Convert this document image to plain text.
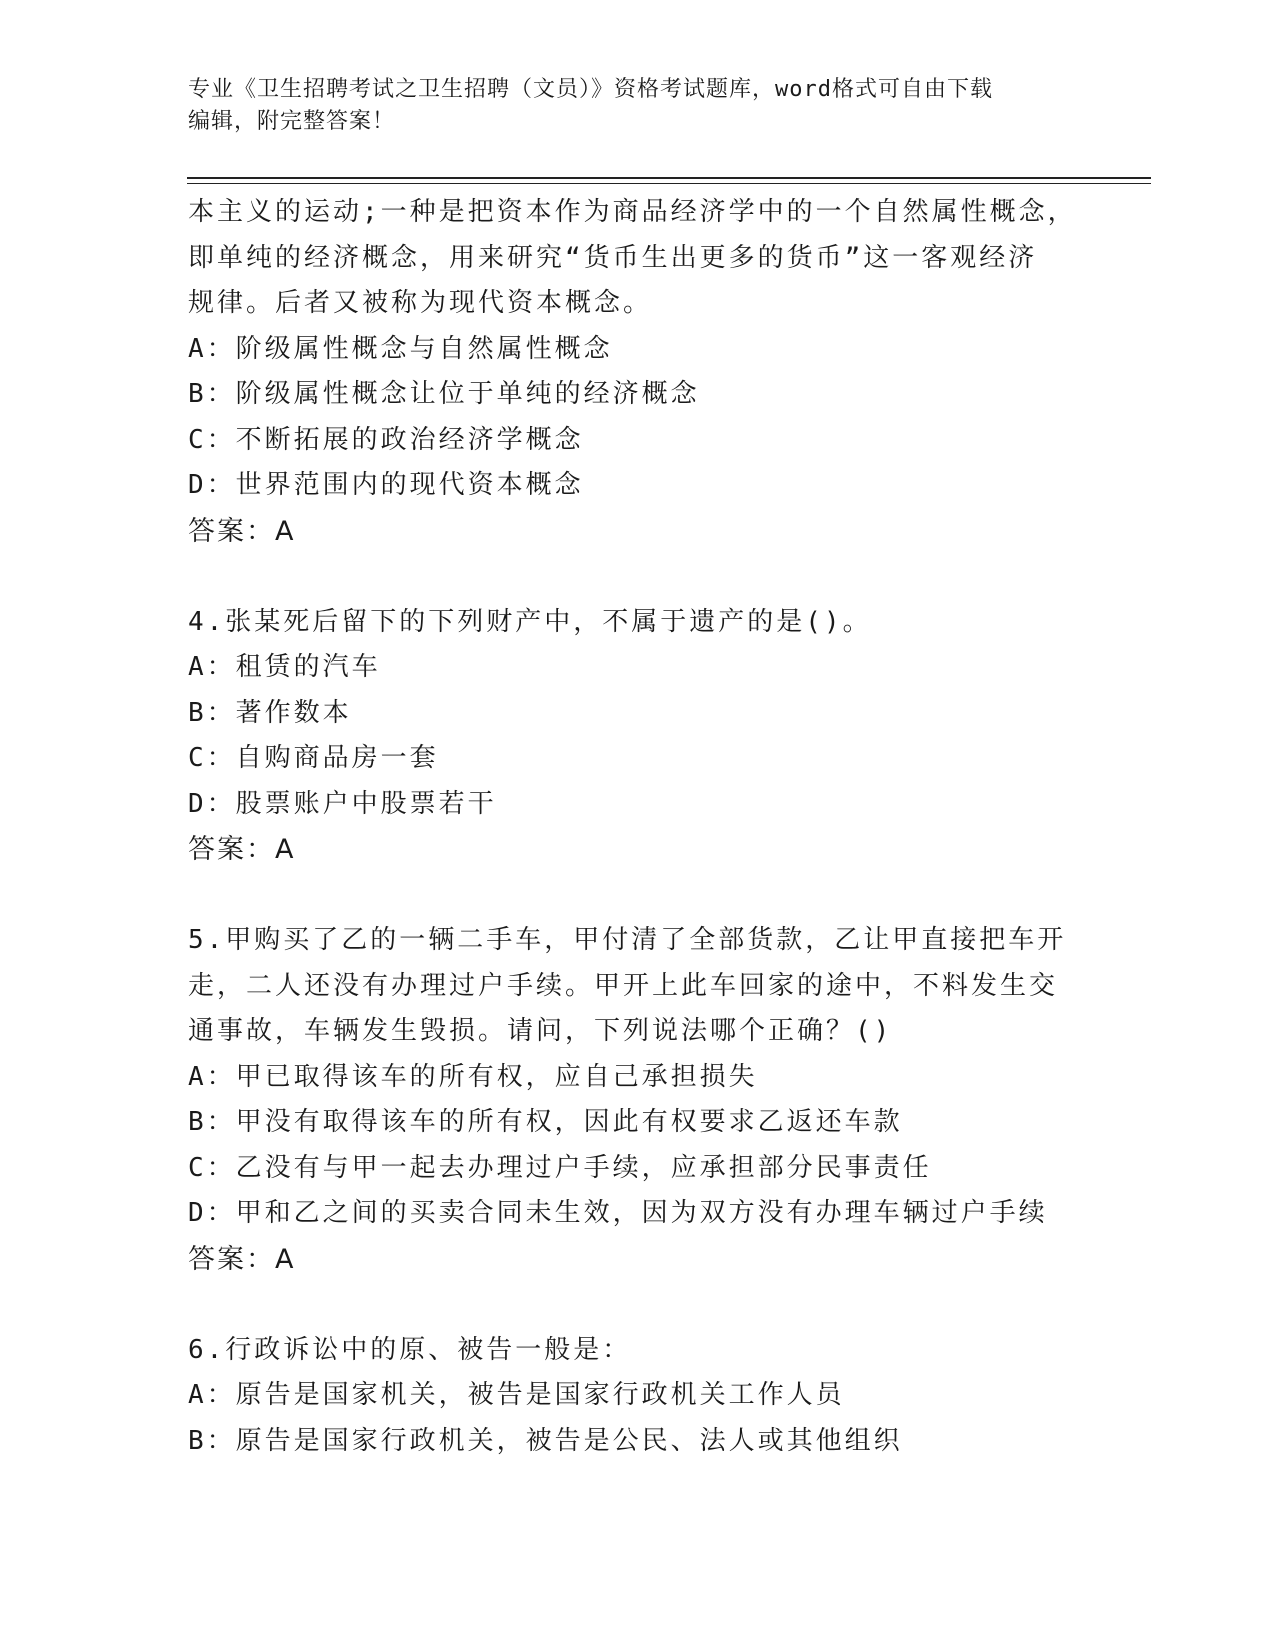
专业《卫生招聘考试之卫生招聘（文员）》资格考试题库，word格式可自由下载
编辑，附完整答案！
本主义的运动;一种是把资本作为商品经济学中的一个自然属性概念，
即单纯的经济概念，用来研究“货币生出更多的货币”这一客观经济
规律。后者又被称为现代资本概念。
A：阶级属性概念与自然属性概念
B：阶级属性概念让位于单纯的经济概念
C：不断拓展的政治经济学概念
D：世界范围内的现代资本概念
答案：A
4.张某死后留下的下列财产中，不属于遗产的是()。
A：租赁的汽车
B：著作数本
C：自购商品房一套
D：股票账户中股票若干
答案：A
5.甲购买了乙的一辆二手车，甲付清了全部货款，乙让甲直接把车开
走，二人还没有办理过户手续。甲开上此车回家的途中，不料发生交
通事故，车辆发生毁损。请问，下列说法哪个正确？()
A：甲已取得该车的所有权，应自己承担损失
B：甲没有取得该车的所有权，因此有权要求乙返还车款
C：乙没有与甲一起去办理过户手续，应承担部分民事责任
D：甲和乙之间的买卖合同未生效，因为双方没有办理车辆过户手续
答案：A
6.行政诉讼中的原、被告一般是：
A：原告是国家机关，被告是国家行政机关工作人员
B：原告是国家行政机关，被告是公民、法人或其他组织
